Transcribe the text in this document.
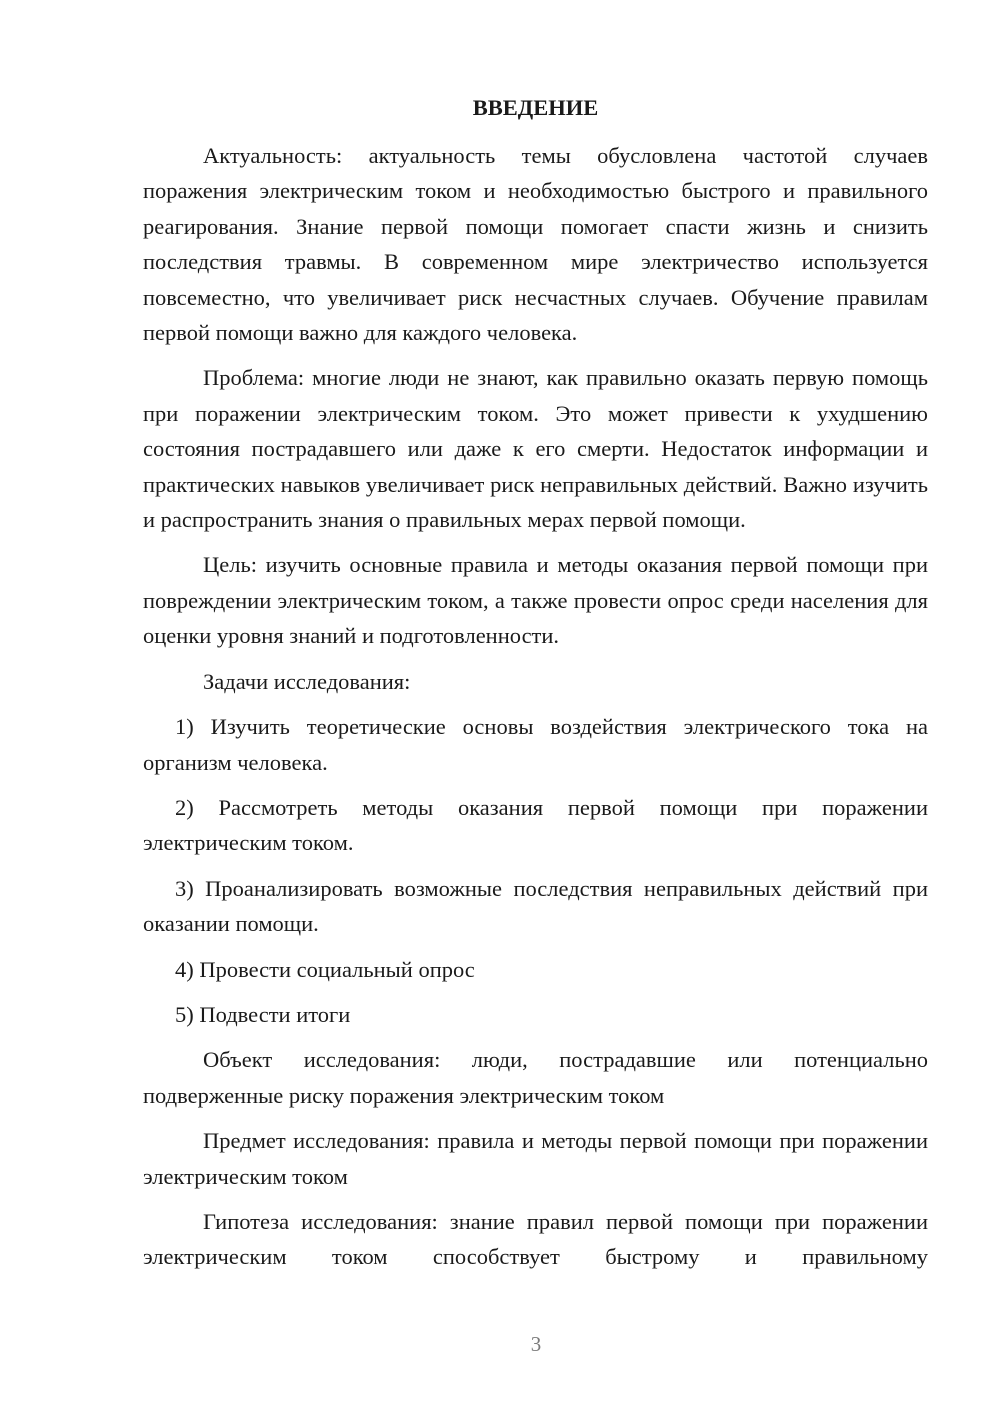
ВВЕДЕНИЕ

Актуальность: актуальность темы обусловлена частотой случаев поражения электрическим током и необходимостью быстрого и правильного реагирования. Знание первой помощи помогает спасти жизнь и снизить последствия травмы. В современном мире электричество используется повсеместно, что увеличивает риск несчастных случаев. Обучение правилам первой помощи важно для каждого человека.

Проблема: многие люди не знают, как правильно оказать первую помощь при поражении электрическим током. Это может привести к ухудшению состояния пострадавшего или даже к его смерти. Недостаток информации и практических навыков увеличивает риск неправильных действий. Важно изучить и распространить знания о правильных мерах первой помощи.

Цель: изучить основные правила и методы оказания первой помощи при повреждении электрическим током, а также провести опрос среди населения для оценки уровня знаний и подготовленности.

Задачи исследования:

1) Изучить теоретические основы воздействия электрического тока на организм человека.

2) Рассмотреть методы оказания первой помощи при поражении электрическим током.

3) Проанализировать возможные последствия неправильных действий при оказании помощи.

4) Провести социальный опрос

5) Подвести итоги

Объект исследования: люди, пострадавшие или потенциально подверженные риску поражения электрическим током

Предмет исследования: правила и методы первой помощи при поражении электрическим током

Гипотеза исследования: знание правил первой помощи при поражении электрическим током способствует быстрому и правильному

3
